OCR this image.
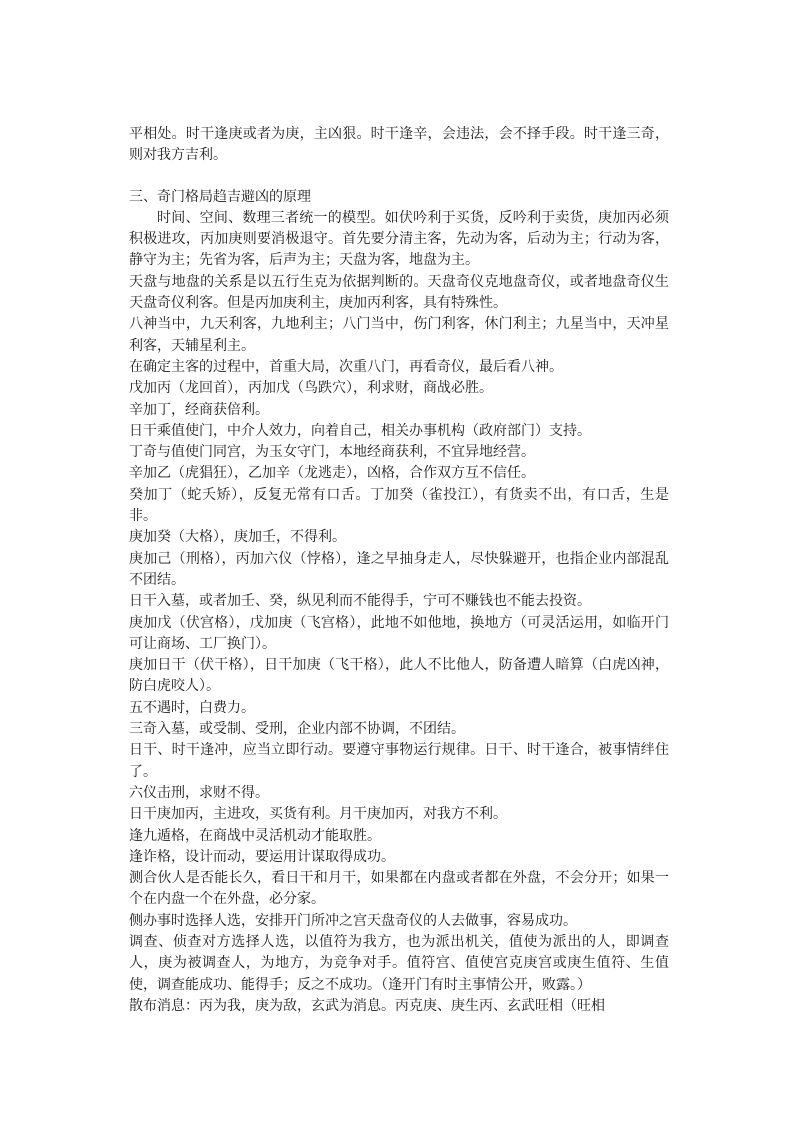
平相处。时干逢庚或者为庚，主凶狠。时干逢辛，会违法，会不择手段。时干逢三奇，则对我方吉利。

三、奇门格局趋吉避凶的原理

时间、空间、数理三者统一的模型。如伏吟利于买货，反吟利于卖货，庚加丙必须积极进攻，丙加庚则要消极退守。首先要分清主客，先动为客，后动为主；行动为客，静守为主；先省为客，后声为主；天盘为客，地盘为主。

天盘与地盘的关系是以五行生克为依据判断的。天盘奇仪克地盘奇仪，或者地盘奇仪生天盘奇仪利客。但是丙加庚利主，庚加丙利客，具有特殊性。

八神当中，九天利客，九地利主；八门当中，伤门利客，休门利主；九星当中，天冲星利客，天辅星利主。

在确定主客的过程中，首重大局，次重八门，再看奇仪，最后看八神。

戊加丙（龙回首），丙加戊（鸟跌穴），利求财，商战必胜。

辛加丁，经商获倍利。

日干乘值使门，中介人效力，向着自己，相关办事机构（政府部门）支持。

丁奇与值使门同宫，为玉女守门，本地经商获利，不宜异地经营。

辛加乙（虎猖狂），乙加辛（龙逃走），凶格，合作双方互不信任。

癸加丁（蛇夭矫），反复无常有口舌。丁加癸（雀投江），有货卖不出，有口舌，生是非。

庚加癸（大格），庚加壬，不得利。

庚加己（刑格），丙加六仪（悖格），逢之早抽身走人，尽快躲避开，也指企业内部混乱不团结。

日干入墓，或者加壬、癸，纵见利而不能得手，宁可不赚钱也不能去投资。

庚加戊（伏宫格），戊加庚（飞宫格），此地不如他地，换地方（可灵活运用，如临开门可让商场、工厂换门）。

庚加日干（伏干格），日干加庚（飞干格），此人不比他人，防备遭人暗算（白虎凶神，防白虎咬人）。

五不遇时，白费力。

三奇入墓，或受制、受刑，企业内部不协调，不团结。

日干、时干逢冲，应当立即行动。要遵守事物运行规律。日干、时干逢合，被事情绊住了。

六仪击刑，求财不得。

日干庚加丙，主进攻，买货有利。月干庚加丙，对我方不利。

逢九遁格，在商战中灵活机动才能取胜。

逢诈格，设计而动，要运用计谋取得成功。

测合伙人是否能长久，看日干和月干，如果都在内盘或者都在外盘，不会分开；如果一个在内盘一个在外盘，必分家。

侧办事时选择人选，安排开门所冲之宫天盘奇仪的人去做事，容易成功。

调查、侦查对方选择人选，以值符为我方，也为派出机关，值使为派出的人，即调查人，庚为被调查人，为地方，为竞争对手。值符宫、值使宫克庚宫或庚生值符、生值使，调查能成功、能得手；反之不成功。（逢开门有时主事情公开，败露。）

散布消息：丙为我，庚为敌，玄武为消息。丙克庚、庚生丙、玄武旺相（旺相
